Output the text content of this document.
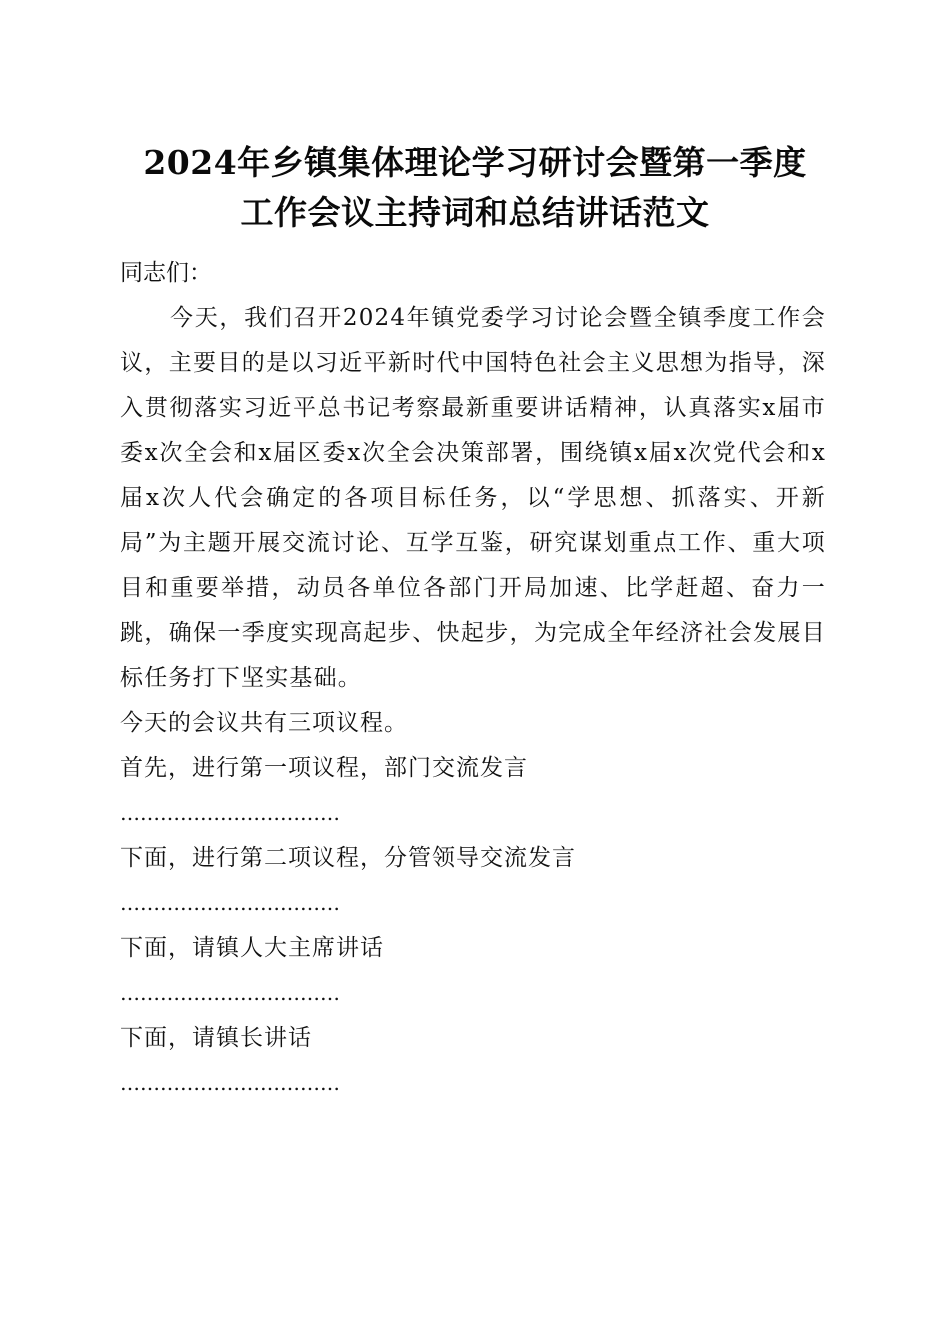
2024年乡镇集体理论学习研讨会暨第一季度
工作会议主持词和总结讲话范文

同志们：

今天，我们召开2024年镇党委学习讨论会暨全镇季度工作会议，主要目的是以习近平新时代中国特色社会主义思想为指导，深入贯彻落实习近平总书记考察最新重要讲话精神，认真落实x届市委x次全会和x届区委x次全会决策部署，围绕镇x届x次党代会和x届x次人代会确定的各项目标任务，以“学思想、抓落实、开新局”为主题开展交流讨论、互学互鉴，研究谋划重点工作、重大项目和重要举措，动员各单位各部门开局加速、比学赶超、奋力一跳，确保一季度实现高起步、快起步，为完成全年经济社会发展目标任务打下坚实基础。

今天的会议共有三项议程。

首先，进行第一项议程，部门交流发言

……………………………

下面，进行第二项议程，分管领导交流发言

……………………………

下面，请镇人大主席讲话

……………………………

下面，请镇长讲话

……………………………
